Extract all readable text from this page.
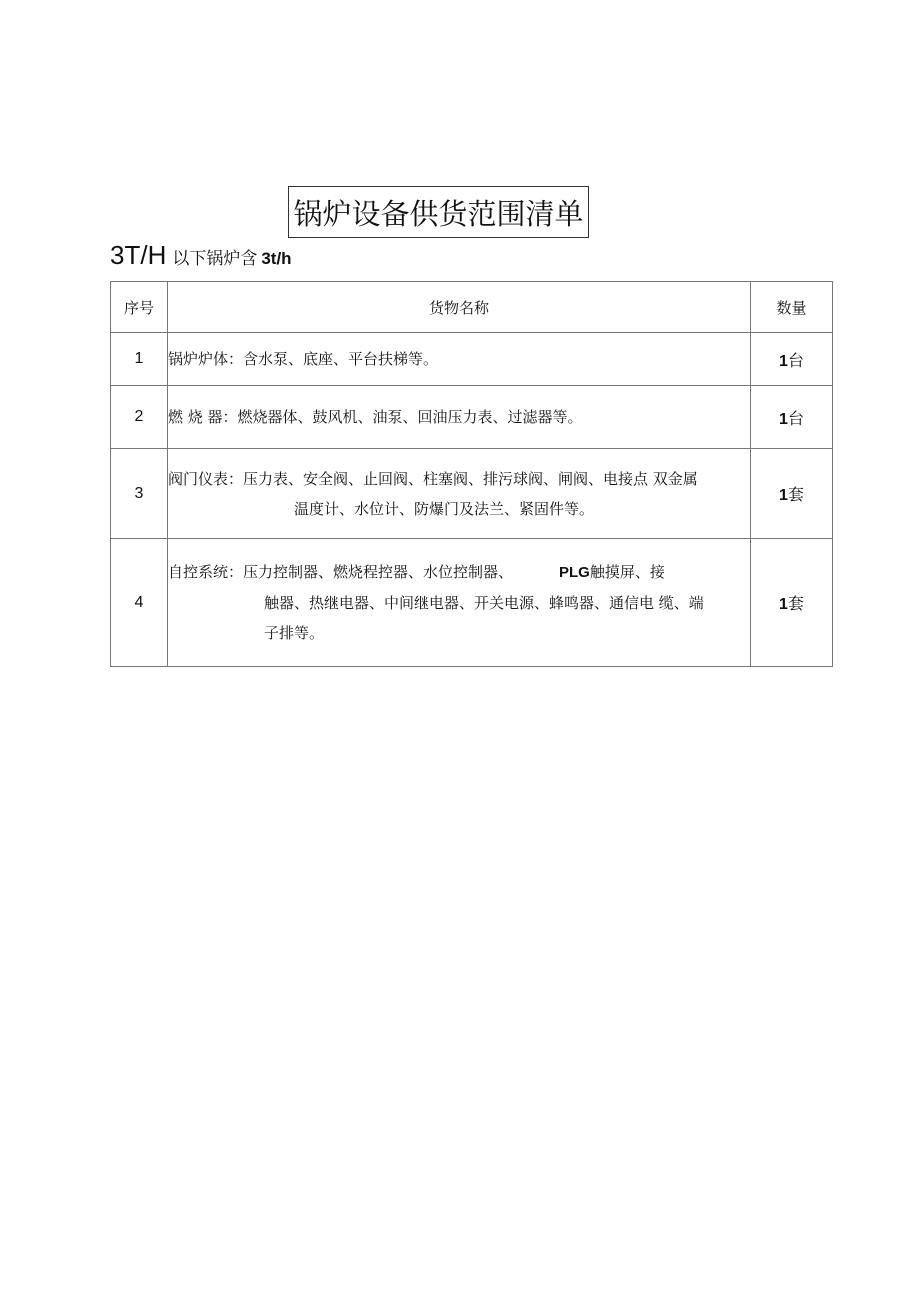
锅炉设备供货范围清单
3T/H 以下锅炉含 3t/h
序号	货物名称	数量
1	锅炉炉体：含水泵、底座、平台扶梯等。	1台
2	燃 烧 器：燃烧器体、鼓风机、油泵、回油压力表、过滤器等。	1台
3	阀门仪表：压力表、安全阀、止回阀、柱塞阀、排污球阀、闸阀、电接点 双金属
温度计、水位计、防爆门及法兰、紧固件等。	1套
4	自控系统：压力控制器、燃烧程控器、水位控制器、 PLG触摸屏、接
触器、热继电器、中间继电器、开关电源、蜂鸣器、通信电 缆、端
子排等。	1套
